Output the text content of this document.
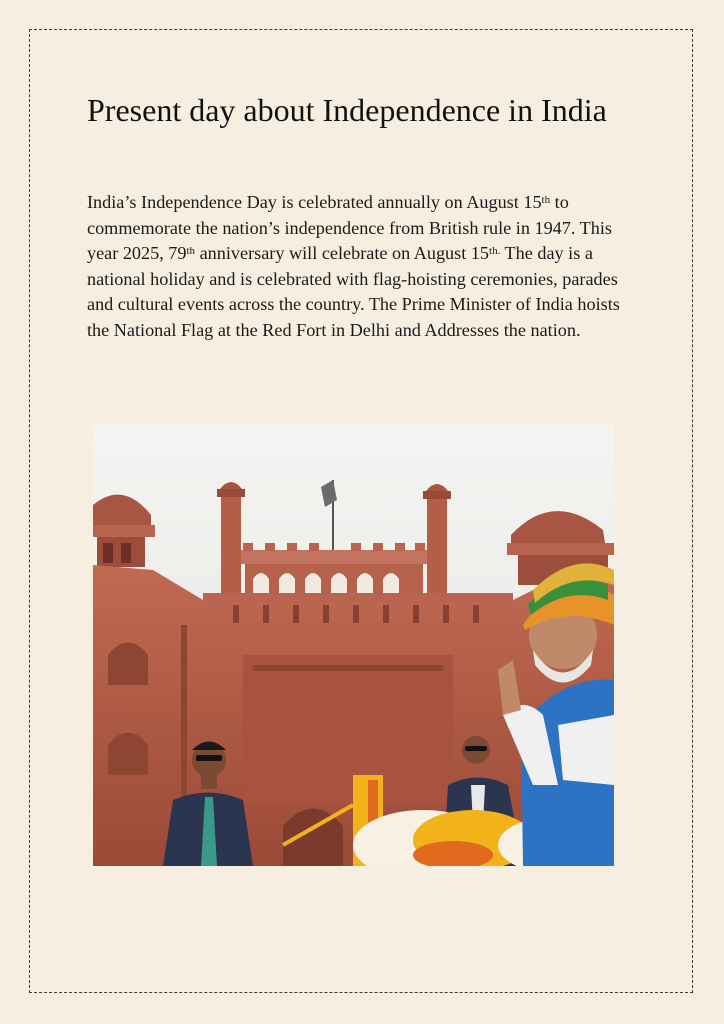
Present day about Independence in India

India’s Independence Day is celebrated annually on August 15th to commemorate the nation’s independence from British rule in 1947. This year 2025, 79th anniversary will celebrate on August $15^{th.}$ The day is a national holiday and is celebrated with flag-hoisting ceremonies, parades and cultural events across the country. The Prime Minister of India hoists the National Flag at the Red Fort in Delhi and Addresses the nation.
